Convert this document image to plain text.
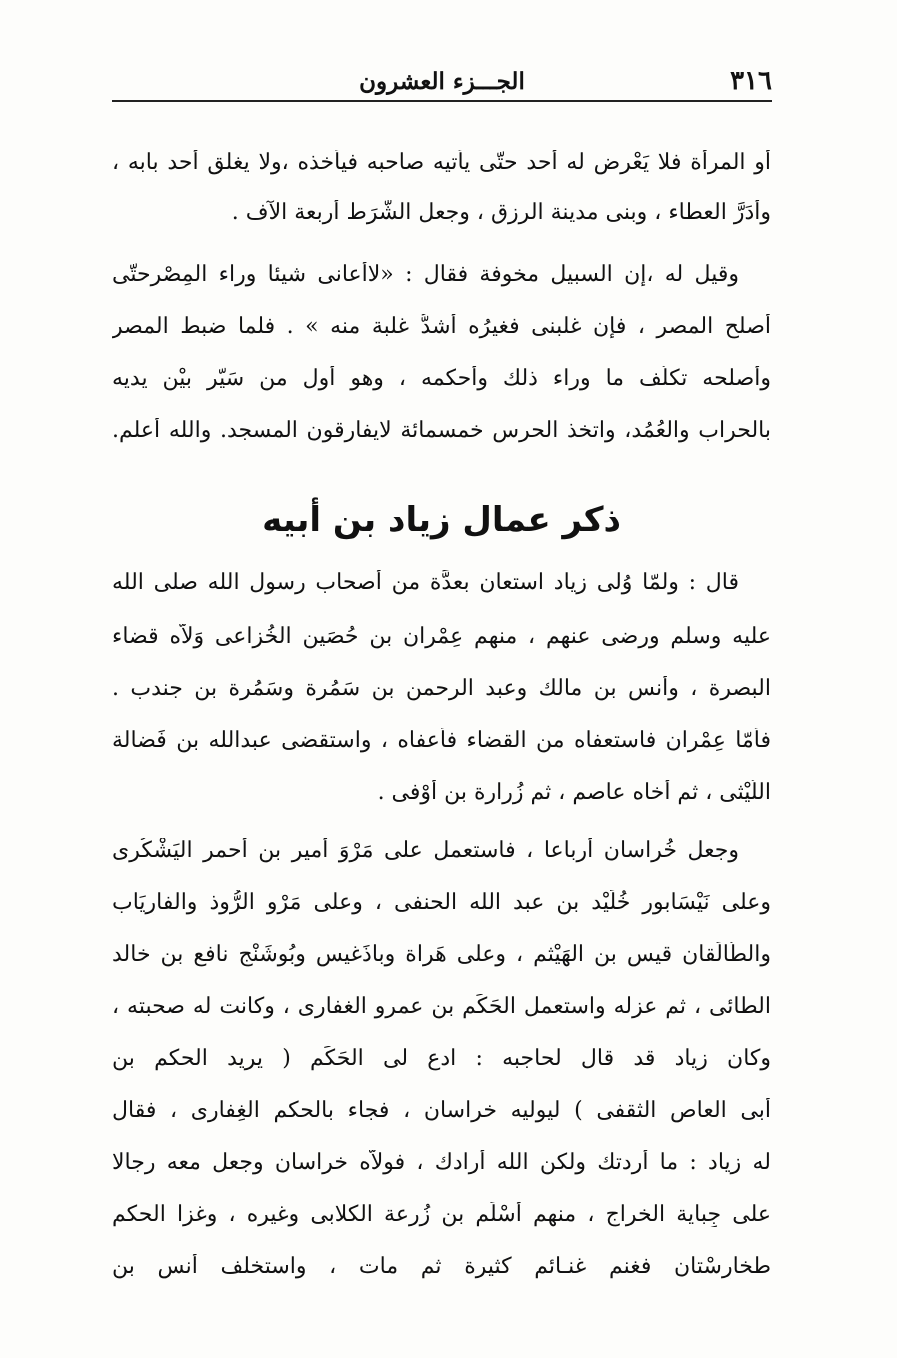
٣١٦
الجـــزء العشرون
أو المرأة فلا يَعْرِض له أحد حتّى يأتيه صاحبه فيأخذه ،ولا يغلق أحد بابه ،
وأدَرَّ العطاء ، وبنى مدينة الرزق ، وجعل الشُّرَط أربعة الآف .
وقيل له ،إن السبيل مخوفة فقال : «لاأعانى شيئا وراء المِصْرحتّى
أصلح المصر ، فإن غلبنى فغيرُه أشدُّ غلبة منه » . فلما ضبط المصر
وأصلحه تكلّف ما وراء ذلك وأحكمه ، وهو أول من سَيّر بيْن يديه
بالحراب والعُمُد، واتخذ الحرس خمسمائة لايفارقون المسجد. والله أعلم.
ذكر عمال زياد بن أبيه
قال : ولمّا وُلى زياد استعان بعدَّة من أصحاب رسول الله صلى الله
عليه وسلم ورضى عنهم ، منهم عِمْران بن حُصَين الخُزاعى وَلاّه قضاء
البصرة ، وأنس بن مالك وعبد الرحمن بن سَمُرة وسَمُرة بن جندب .
فأمّا عِمْران فاستعفاه من القضاء فأعفاه ، واستقضى عبدالله بن فَضالة
اللّيْثى ، ثم أخاه عاصم ، ثم زُرارة بن أوْفى .
وجعل خُراسان أرباعا ، فاستعمل على مَرْوَ أمير بن أحمر اليَشْكُرى
وعلى نَيْسَابور خُلَيْد بن عبد الله الحنفى ، وعلى مَرْو الرُّوذ والفارِيَاب
والطَّالَقان قيس بن الهَيْثم ، وعلى هَراة وباذَغيس وبُوشَنْج نافع بن خالد
الطائى ، ثم عزله واستعمل الحَكَم بن عمرو الغفارى ، وكانت له صحبته ،
وكان زياد قد قال لحاجبه : ادع لى الحَكَم ( يريد الحكم بن
أبى العاص الثقفى ) ليوليه خراسان ، فجاء بالحكم الغِفارى ، فقال
له زياد : ما أردتك ولكن الله أرادك ، فولاّه خراسان وجعل معه رجالا
على جِباية الخراج ، منهم أسْلَم بن زُرعة الكلابى وغيره ، وغزا الحكم
طخارِسْتان فغنم غنـائم كثيرة ثم مات ، واستخلف أنس بن
